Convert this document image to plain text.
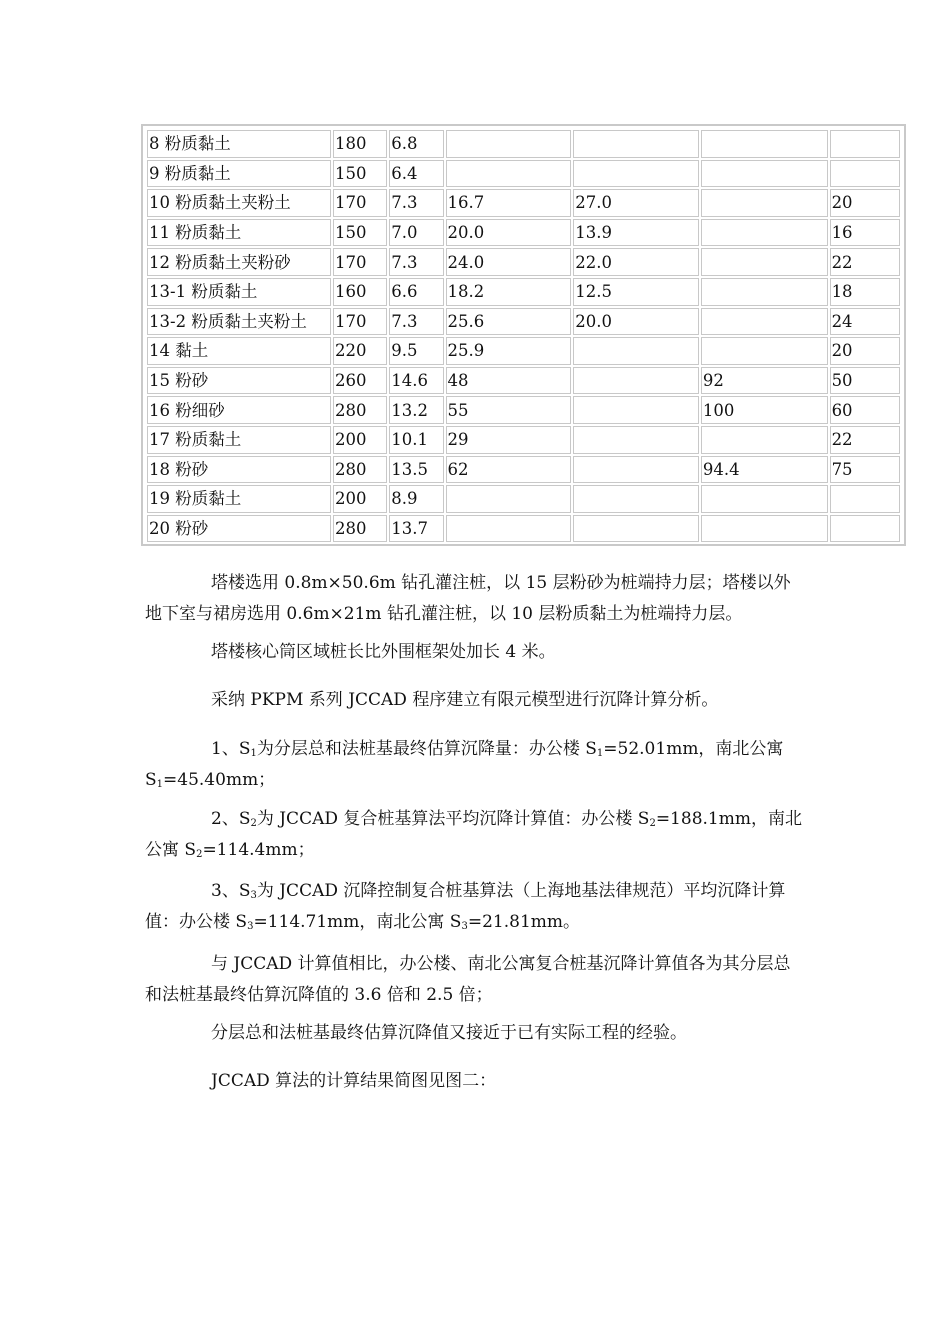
8 粉质黏土	180	6.8				
9 粉质黏土	150	6.4				
10 粉质黏土夹粉土	170	7.3	16.7	27.0		20
11 粉质黏土	150	7.0	20.0	13.9		16
12 粉质黏土夹粉砂	170	7.3	24.0	22.0		22
13-1 粉质黏土	160	6.6	18.2	12.5		18
13-2 粉质黏土夹粉土	170	7.3	25.6	20.0		24
14 黏土	220	9.5	25.9			20
15 粉砂	260	14.6	48		92	50
16 粉细砂	280	13.2	55		100	60
17 粉质黏土	200	10.1	29			22
18 粉砂	280	13.5	62		94.4	75
19 粉质黏土	200	8.9				
20 粉砂	280	13.7				

塔楼选用 0.8m×50.6m 钻孔灌注桩，以 15 层粉砂为桩端持力层；塔楼以外地下室与裙房选用 0.6m×21m 钻孔灌注桩，以 10 层粉质黏土为桩端持力层。

塔楼核心筒区域桩长比外围框架处加长 4 米。

采纳 PKPM 系列 JCCAD 程序建立有限元模型进行沉降计算分析。

1、$S_1$为分层总和法桩基最终估算沉降量：办公楼 $S_1=52.01mm$，南北公寓 $S_1=45.40mm$；

2、$S_2$为 JCCAD 复合桩基算法平均沉降计算值：办公楼 $S_2=188.1mm$，南北公寓 $S_2=114.4mm$；

3、$S_3$为 JCCAD 沉降控制复合桩基算法（上海地基法律规范）平均沉降计算值：办公楼 $S_3=114.71mm$，南北公寓 $S_3=21.81mm$。

与 JCCAD 计算值相比，办公楼、南北公寓复合桩基沉降计算值各为其分层总和法桩基最终估算沉降值的 3.6 倍和 2.5 倍；

分层总和法桩基最终估算沉降值又接近于已有实际工程的经验。

JCCAD 算法的计算结果简图见图二：
